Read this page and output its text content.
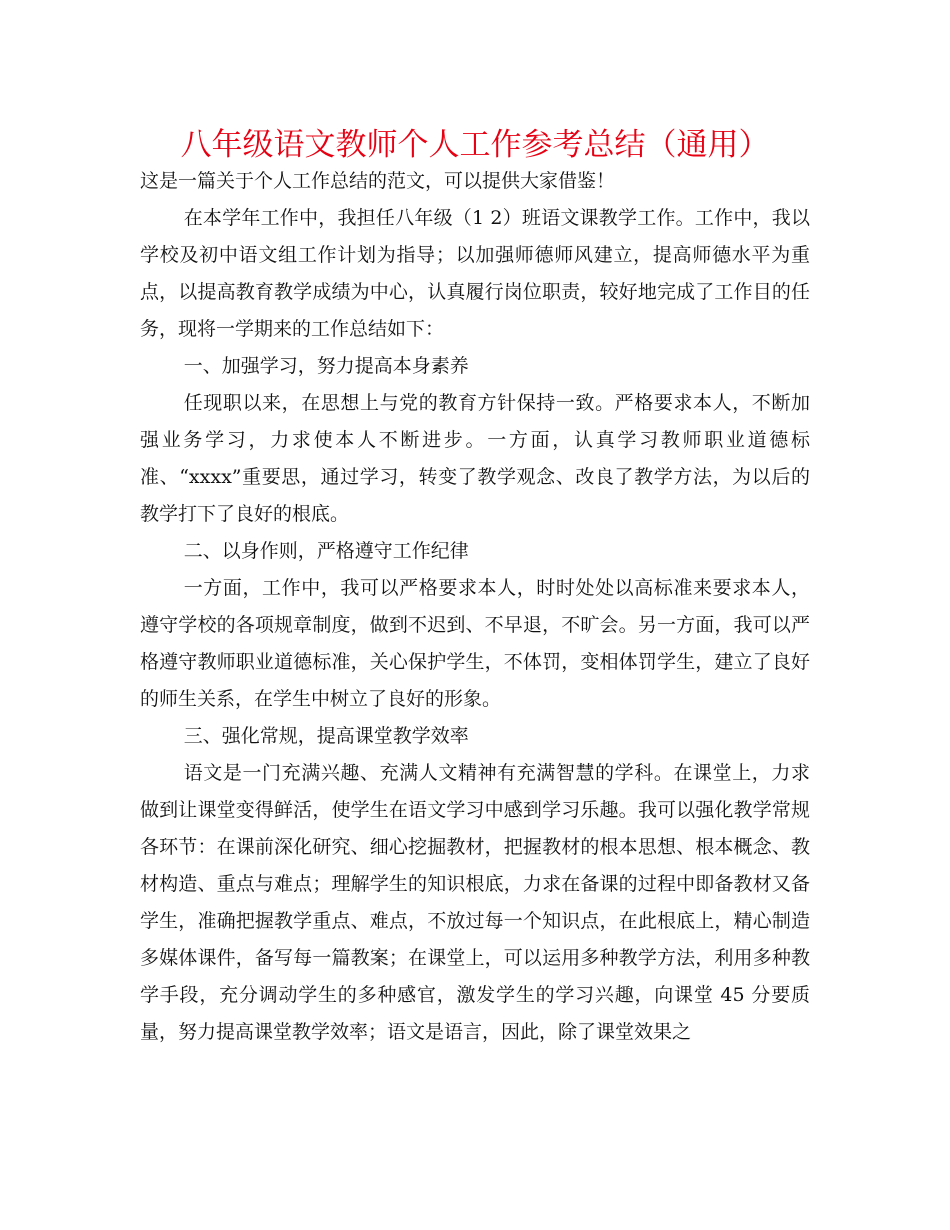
八年级语文教师个人工作参考总结（通用）

这是一篇关于个人工作总结的范文，可以提供大家借鉴！

在本学年工作中，我担任八年级（1 2）班语文课教学工作。工作中，我以学校及初中语文组工作计划为指导；以加强师德师风建立，提高师德水平为重点，以提高教育教学成绩为中心，认真履行岗位职责，较好地完成了工作目的任务，现将一学期来的工作总结如下：

一、加强学习，努力提高本身素养

任现职以来，在思想上与党的教育方针保持一致。严格要求本人，不断加强业务学习，力求使本人不断进步。一方面，认真学习教师职业道德标准、“xxxx”重要思，通过学习，转变了教学观念、改良了教学方法，为以后的教学打下了良好的根底。

二、以身作则，严格遵守工作纪律

一方面，工作中，我可以严格要求本人，时时处处以高标准来要求本人，遵守学校的各项规章制度，做到不迟到、不早退，不旷会。另一方面，我可以严格遵守教师职业道德标准，关心保护学生，不体罚，变相体罚学生，建立了良好的师生关系，在学生中树立了良好的形象。

三、强化常规，提高课堂教学效率

语文是一门充满兴趣、充满人文精神有充满智慧的学科。在课堂上，力求做到让课堂变得鲜活，使学生在语文学习中感到学习乐趣。我可以强化教学常规各环节：在课前深化研究、细心挖掘教材，把握教材的根本思想、根本概念、教材构造、重点与难点；理解学生的知识根底，力求在备课的过程中即备教材又备学生，准确把握教学重点、难点，不放过每一个知识点，在此根底上，精心制造多媒体课件，备写每一篇教案；在课堂上，可以运用多种教学方法，利用多种教学手段，充分调动学生的多种感官，激发学生的学习兴趣，向课堂 45 分要质量，努力提高课堂教学效率；语文是语言，因此，除了课堂效果之
